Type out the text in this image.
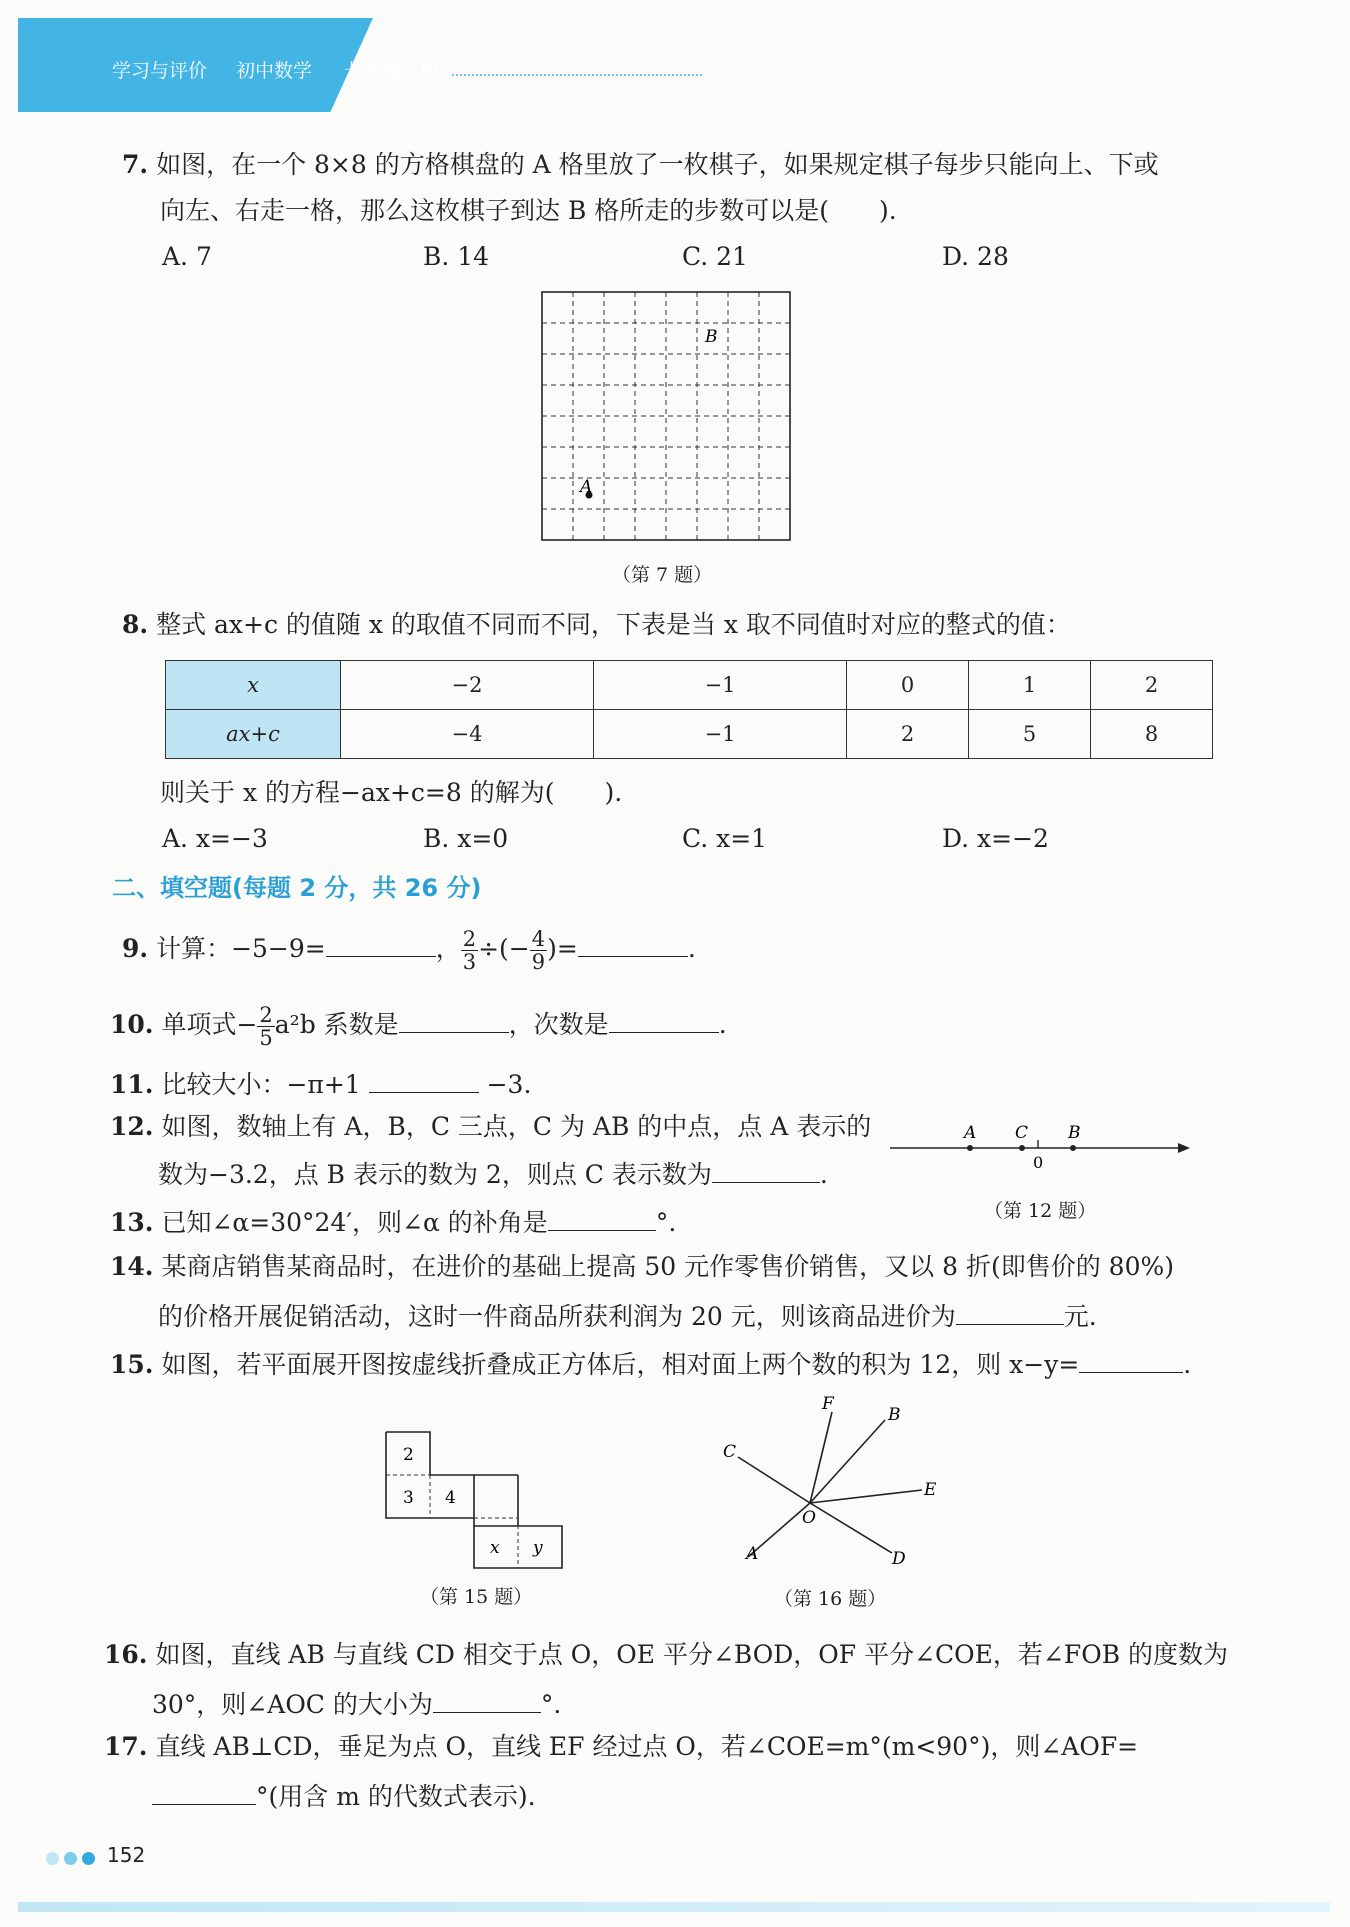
学习与评价 初中数学 七年级上册
7. 如图，在一个 8×8 的方格棋盘的 A 格里放了一枚棋子，如果规定棋子每步只能向上、下或
向左、右走一格，那么这枚棋子到达 B 格所走的步数可以是(　　).
A. 7	B. 14	C. 21	D. 28
A
B
（第 7 题）
8. 整式 ax+c 的值随 x 的取值不同而不同，下表是当 x 取不同值时对应的整式的值：
x	−2	−1	0	1	2
ax+c	−4	−1	2	5	8
则关于 x 的方程−ax+c=8 的解为(　　).
A. x=−3	B. x=0	C. x=1	D. x=−2
二、填空题(每题 2 分，共 26 分)
9. 计算：−5−9=	， $\frac{2}{3}$ ÷(− $\frac{4}{9}$ )=	.
10. 单项式− $\frac{2}{5} a^2b$ 系数是	，次数是	.
11. 比较大小：−π+1	−3.
12. 如图，数轴上有 A，B，C 三点，C 为 AB 的中点，点 A 表示的
数为−3.2，点 B 表示的数为 2，则点 C 表示数为	.
A C B
0
（第 12 题）
13. 已知∠α=30°24′，则∠α 的补角是	°.
14. 某商店销售某商品时，在进价的基础上提高 50 元作零售价销售，又以 8 折(即售价的 80%)
的价格开展促销活动，这时一件商品所获利润为 20 元，则该商品进价为	元.
15. 如图，若平面展开图按虚线折叠成正方体后，相对面上两个数的积为 12，则 x−y=	.
2
3 4
x y
（第 15 题）
F
B
C
E
O
A	D
（第 16 题）
16. 如图，直线 AB 与直线 CD 相交于点 O，OE 平分∠BOD，OF 平分∠COE，若∠FOB 的度数为
30°，则∠AOC 的大小为	°.
17. 直线 AB⊥CD，垂足为点 O，直线 EF 经过点 O，若∠COE=m°(m<90°)，则∠AOF=
°(用含 m 的代数式表示).
152
